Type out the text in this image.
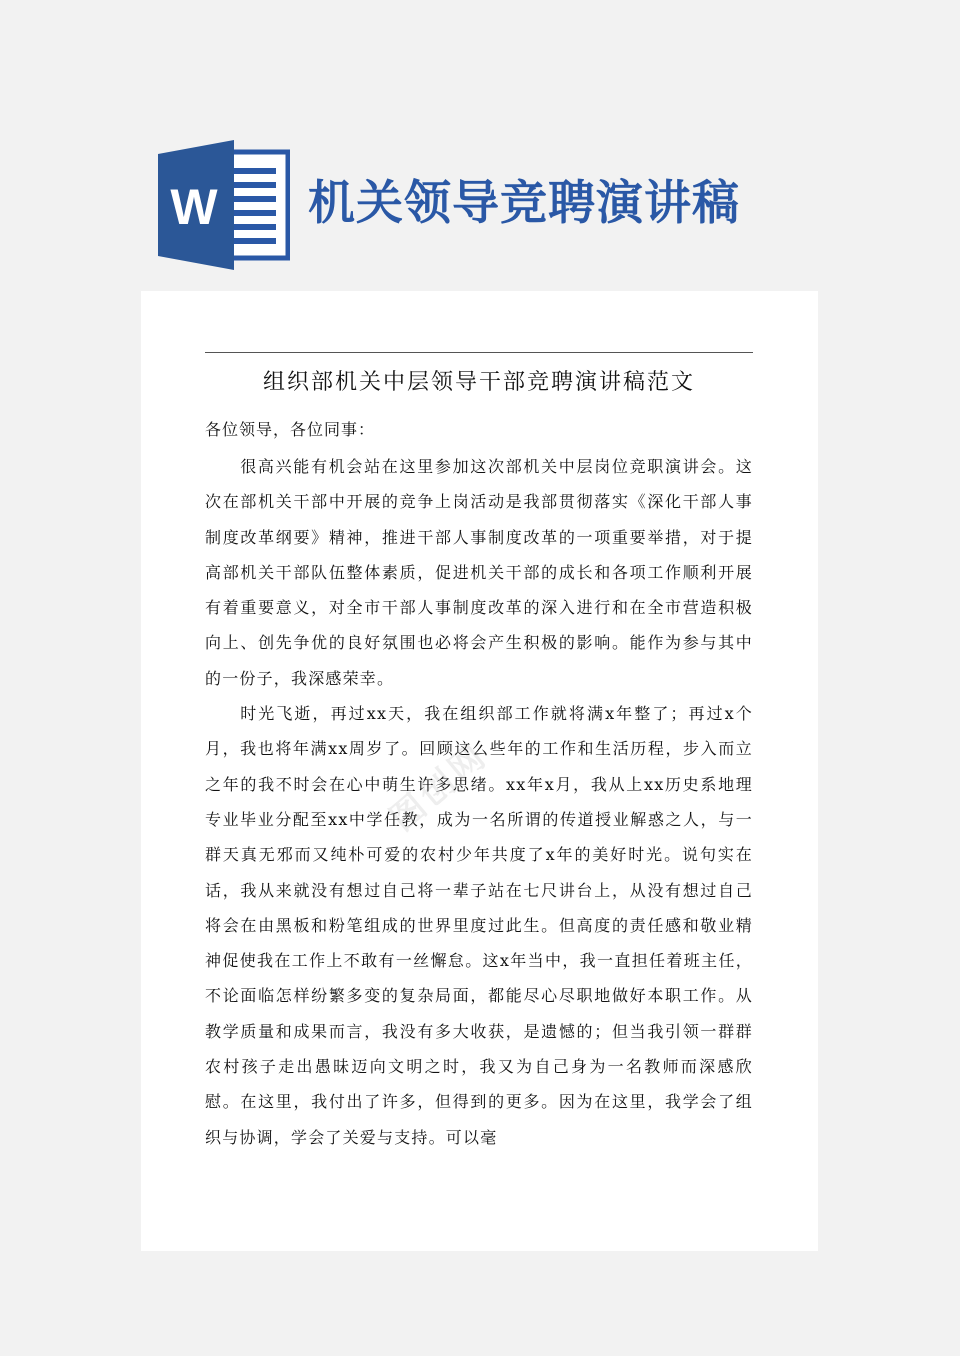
W 机关领导竞聘演讲稿
组织部机关中层领导干部竞聘演讲稿范文
各位领导，各位同事：

很高兴能有机会站在这里参加这次部机关中层岗位竞职演讲会。这次在部机关干部中开展的竞争上岗活动是我部贯彻落实《深化干部人事制度改革纲要》精神，推进干部人事制度改革的一项重要举措，对于提高部机关干部队伍整体素质，促进机关干部的成长和各项工作顺利开展有着重要意义，对全市干部人事制度改革的深入进行和在全市营造积极向上、创先争优的良好氛围也必将会产生积极的影响。能作为参与其中的一份子，我深感荣幸。

时光飞逝，再过xx天，我在组织部工作就将满x年整了；再过x个月，我也将年满xx周岁了。回顾这么些年的工作和生活历程，步入而立之年的我不时会在心中萌生许多思绪。xx年x月，我从上xx历史系地理专业毕业分配至xx中学任教，成为一名所谓的传道授业解惑之人，与一群天真无邪而又纯朴可爱的农村少年共度了x年的美好时光。说句实在话，我从来就没有想过自己将一辈子站在七尺讲台上，从没有想过自己将会在由黑板和粉笔组成的世界里度过此生。但高度的责任感和敬业精神促使我在工作上不敢有一丝懈怠。这x年当中，我一直担任着班主任，不论面临怎样纷繁多变的复杂局面，都能尽心尽职地做好本职工作。从教学质量和成果而言，我没有多大收获，是遗憾的；但当我引领一群群农村孩子走出愚昧迈向文明之时，我又为自己身为一名教师而深感欣慰。在这里，我付出了许多，但得到的更多。因为在这里，我学会了组织与协调，学会了关爱与支持。可以毫

图创网
